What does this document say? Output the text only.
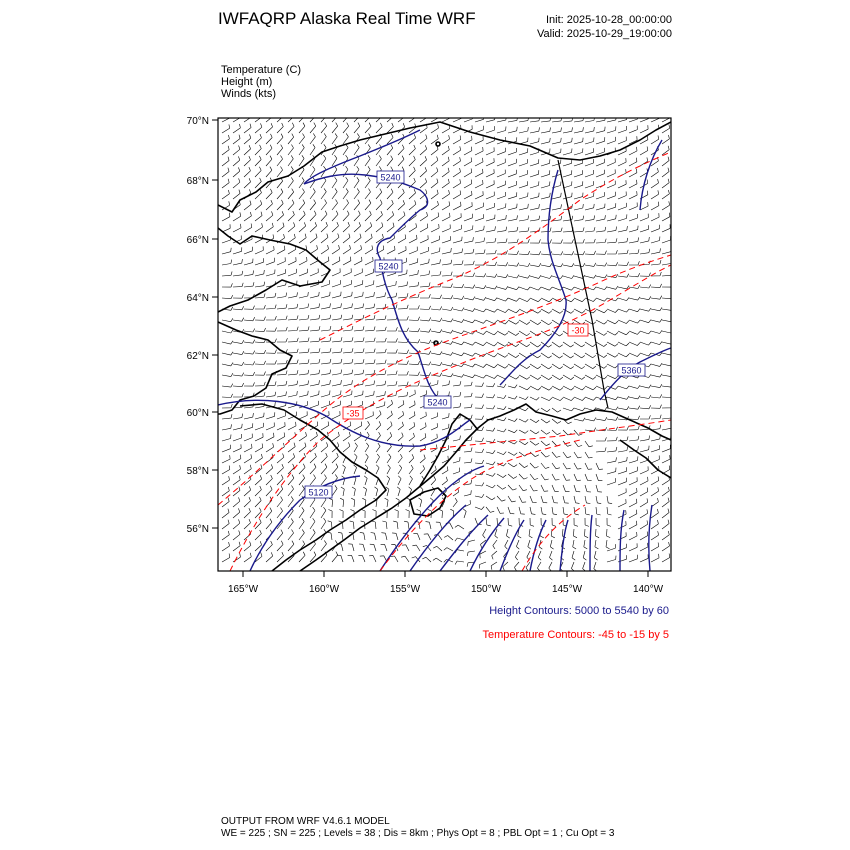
IWFAQRP Alaska Real Time WRF	Init: 2025-10-28_00:00:00
Valid: 2025-10-29_19:00:00
Temperature (C)
Height (m)
Winds (kts)
5240
5240
5240
5360
5120
-30
-35
70°N
68°N
66°N
64°N
62°N
60°N
58°N
56°N
165°W	160°W	155°W	150°W	145°W	140°W
Height Contours: 5000 to 5540 by 60
Temperature Contours: -45 to -15 by 5
OUTPUT FROM WRF V4.6.1 MODEL
WE = 225 ; SN = 225 ; Levels = 38 ; Dis = 8km ; Phys Opt = 8 ; PBL Opt = 1 ; Cu Opt = 3
